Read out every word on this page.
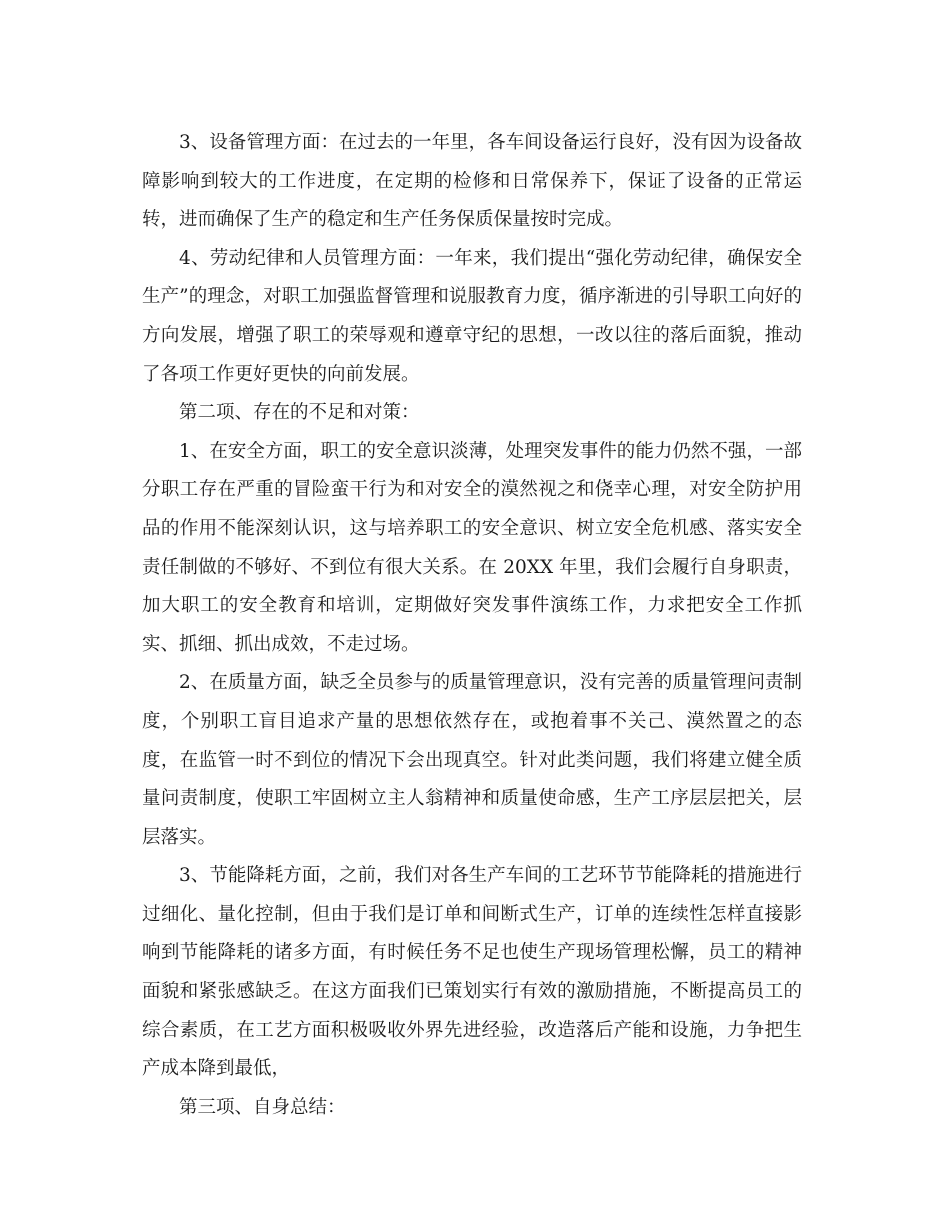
3、设备管理方面：在过去的一年里，各车间设备运行良好，没有因为设备故障影响到较大的工作进度，在定期的检修和日常保养下，保证了设备的正常运转，进而确保了生产的稳定和生产任务保质保量按时完成。

4、劳动纪律和人员管理方面：一年来，我们提出“强化劳动纪律，确保安全生产”的理念，对职工加强监督管理和说服教育力度，循序渐进的引导职工向好的方向发展，增强了职工的荣辱观和遵章守纪的思想，一改以往的落后面貌，推动了各项工作更好更快的向前发展。

第二项、存在的不足和对策：

1、在安全方面，职工的安全意识淡薄，处理突发事件的能力仍然不强，一部分职工存在严重的冒险蛮干行为和对安全的漠然视之和侥幸心理，对安全防护用品的作用不能深刻认识，这与培养职工的安全意识、树立安全危机感、落实安全责任制做的不够好、不到位有很大关系。在 20XX 年里，我们会履行自身职责，加大职工的安全教育和培训，定期做好突发事件演练工作，力求把安全工作抓实、抓细、抓出成效，不走过场。

2、在质量方面，缺乏全员参与的质量管理意识，没有完善的质量管理问责制度，个别职工盲目追求产量的思想依然存在，或抱着事不关己、漠然置之的态度，在监管一时不到位的情况下会出现真空。针对此类问题，我们将建立健全质量问责制度，使职工牢固树立主人翁精神和质量使命感，生产工序层层把关，层层落实。

3、节能降耗方面，之前，我们对各生产车间的工艺环节节能降耗的措施进行过细化、量化控制，但由于我们是订单和间断式生产，订单的连续性怎样直接影响到节能降耗的诸多方面，有时候任务不足也使生产现场管理松懈，员工的精神面貌和紧张感缺乏。在这方面我们已策划实行有效的激励措施，不断提高员工的综合素质，在工艺方面积极吸收外界先进经验，改造落后产能和设施，力争把生产成本降到最低，

第三项、自身总结：
